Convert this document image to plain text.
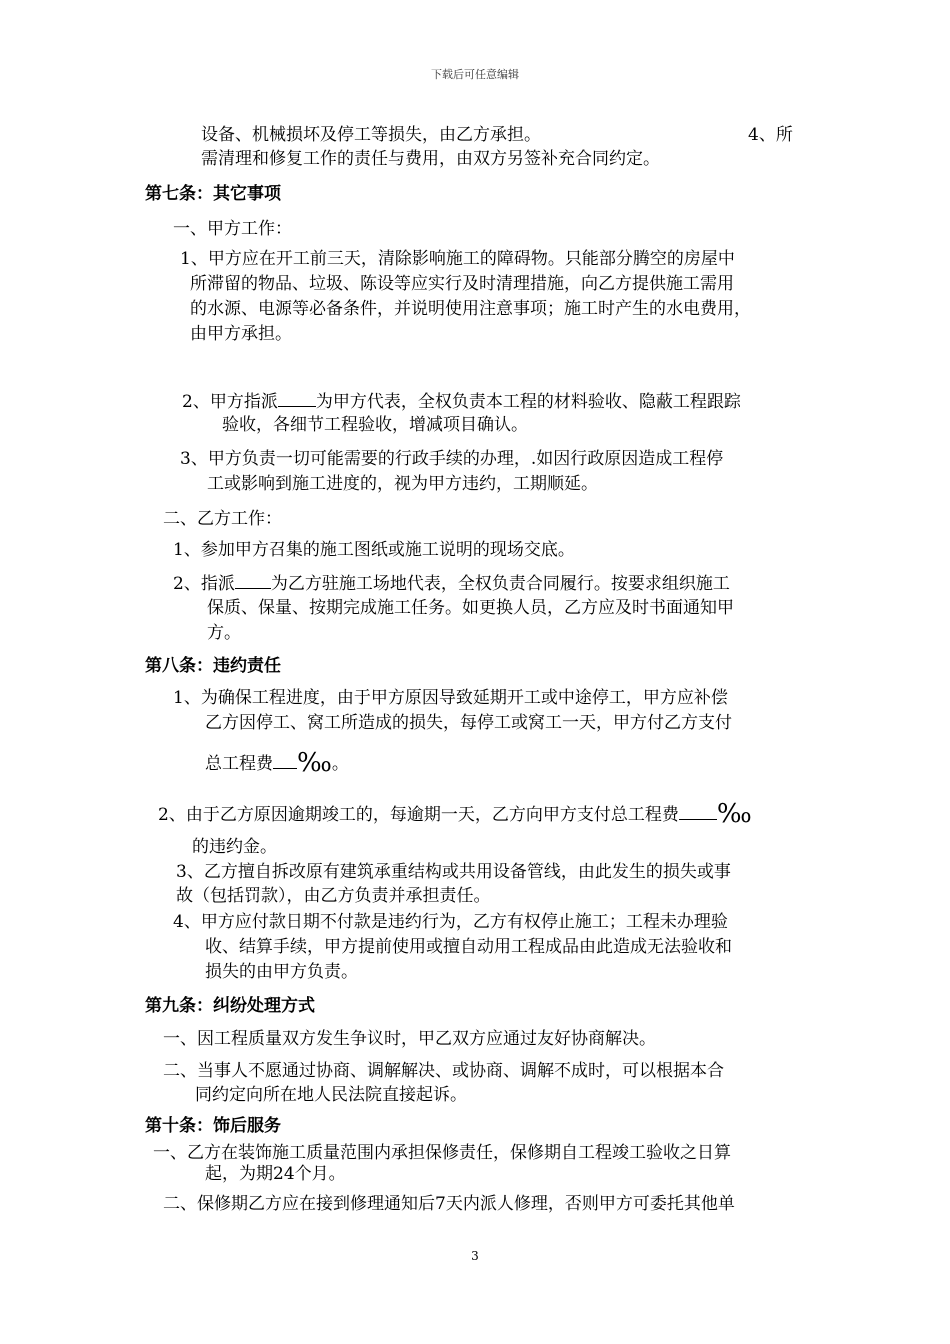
下载后可任意编辑
设备、机械损坏及停工等损失，由乙方承担。	4、所
需清理和修复工作的责任与费用，由双方另签补充合同约定。
第七条：其它事项
一、甲方工作：
1、甲方应在开工前三天，清除影响施工的障碍物。只能部分腾空的房屋中
所滞留的物品、垃圾、陈设等应实行及时清理措施，向乙方提供施工需用
的水源、电源等必备条件，并说明使用注意事项；施工时产生的水电费用，
由甲方承担。
2、甲方指派 为甲方代表，全权负责本工程的材料验收、隐蔽工程跟踪
验收，各细节工程验收，增减项目确认。
3、甲方负责一切可能需要的行政手续的办理，.如因行政原因造成工程停
工或影响到施工进度的，视为甲方违约，工期顺延。
二、乙方工作：
1、参加甲方召集的施工图纸或施工说明的现场交底。
2、指派 为乙方驻施工场地代表，全权负责合同履行。按要求组织施工
保质、保量、按期完成施工任务。如更换人员，乙方应及时书面通知甲
方。
第八条：违约责任
1、为确保工程进度，由于甲方原因导致延期开工或中途停工，甲方应补偿
乙方因停工、窝工所造成的损失，每停工或窝工一天，甲方付乙方支付
总工程费 ‰。
2、由于乙方原因逾期竣工的，每逾期一天，乙方向甲方支付总工程费 ‰
的违约金。
3、乙方擅自拆改原有建筑承重结构或共用设备管线，由此发生的损失或事
故（包括罚款），由乙方负责并承担责任。
4、甲方应付款日期不付款是违约行为，乙方有权停止施工；工程未办理验
收、结算手续，甲方提前使用或擅自动用工程成品由此造成无法验收和
损失的由甲方负责。
第九条：纠纷处理方式
一、因工程质量双方发生争议时，甲乙双方应通过友好协商解决。
二、当事人不愿通过协商、调解解决、或协商、调解不成时，可以根据本合
同约定向所在地人民法院直接起诉。
第十条：饰后服务
一、乙方在装饰施工质量范围内承担保修责任，保修期自工程竣工验收之日算
起，为期24个月。
二、保修期乙方应在接到修理通知后7天内派人修理，否则甲方可委托其他单
3
